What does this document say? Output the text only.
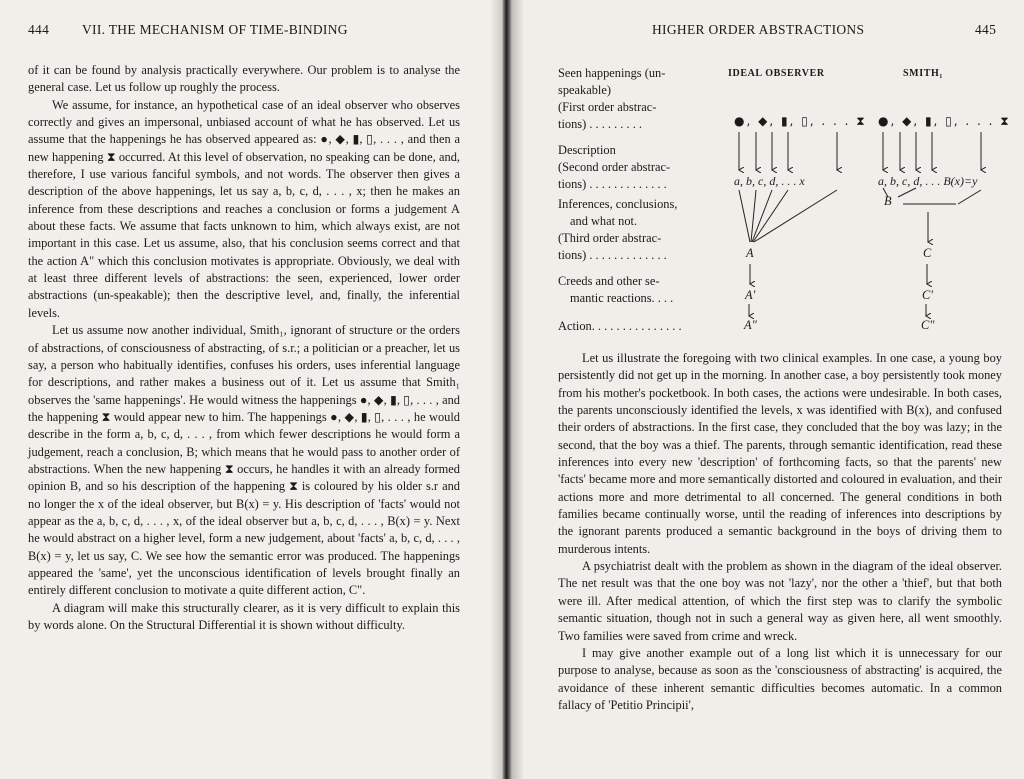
444 VII. THE MECHANISM OF TIME-BINDING

of it can be found by analysis practically everywhere. Our problem is to analyse the general case. Let us follow up roughly the process.

We assume, for instance, an hypothetical case of an ideal observer who observes correctly and gives an impersonal, unbiased account of what he has observed. Let us assume that the happenings he has observed appeared as: ●, ◆, ▮, ▯, . . . , and then a new happening ⧗ occurred. At this level of observation, no speaking can be done, and, therefore, I use various fanciful symbols, and not words. The observer then gives a description of the above happenings, let us say a, b, c, d, . . . , x; then he makes an inference from these descriptions and reaches a conclusion or forms a judgement A about these facts. We assume that facts unknown to him, which always exist, are not important in this case. Let us assume, also, that his conclusion seems correct and that the action A" which this conclusion motivates is appropriate. Obviously, we deal with at least three different levels of abstractions: the seen, experienced, lower order abstractions (un-speakable); then the descriptive level, and, finally, the inferential levels.

Let us assume now another individual, Smith₁, ignorant of structure or the orders of abstractions, of consciousness of abstracting, of s.r.; a politician or a preacher, let us say, a person who habitually identifies, confuses his orders, uses inferential language for descriptions, and rather makes a business out of it. Let us assume that Smith₁ observes the 'same happenings'. He would witness the happenings ●, ◆, ▮, ▯, . . . , and the happening ⧗ would appear new to him. The happenings ●, ◆, ▮, ▯, . . . , he would describe in the form a, b, c, d, . . . , from which fewer descriptions he would form a judgement, reach a conclusion, B; which means that he would pass to another order of abstractions. When the new happening ⧗ occurs, he handles it with an already formed opinion B, and so his description of the happening ⧗ is coloured by his older s.r and no longer the x of the ideal observer, but B(x) = y. His description of 'facts' would not appear as the a, b, c, d, . . . , x, of the ideal observer but a, b, c, d, . . . , B(x) = y. Next he would abstract on a higher level, form a new judgement, about 'facts' a, b, c, d, . . . , B(x) = y, let us say, C. We see how the semantic error was produced. The happenings appeared the 'same', yet the unconscious identification of levels brought finally an entirely different conclusion to motivate a quite different action, C".

A diagram will make this structurally clearer, as it is very difficult to explain this by words alone. On the Structural Differential it is shown without difficulty.

HIGHER ORDER ABSTRACTIONS	445
IDEAL OBSERVER	SMITH₁
Seen happenings (un-
speakable)
(First order abstrac-
tions) . . . . . . . . .
Description
(Second order abstrac-
tions) . . . . . . . . . . . . .
Inferences, conclusions,
and what not.
(Third order abstrac-
tions) . . . . . . . . . . . . .
Creeds and other se-
mantic reactions. . . .
Action. . . . . . . . . . . . . . .
●, ◆, ▮, ▯, . . . ⧗ ●, ◆, ▮, ▯, . . . ⧗
a, b, c, d, . . . x	a, b, c, d, . . . B(x)=y
B
A	C
A'	C'
A"	C"

Let us illustrate the foregoing with two clinical examples. In one case, a young boy persistently did not get up in the morning. In another case, a boy persistently took money from his mother's pocketbook. In both cases, the actions were undesirable. In both cases, the parents unconsciously identified the levels, x was identified with B(x), and confused their orders of abstractions. In the first case, they concluded that the boy was lazy; in the second, that the boy was a thief. The parents, through semantic identification, read these inferences into every new 'description' of forthcoming facts, so that the parents' new 'facts' became more and more semantically distorted and coloured in evaluation, and their actions more and more detrimental to all concerned. The general conditions in both families became continually worse, until the reading of inferences into descriptions by the ignorant parents produced a semantic background in the boys of driving them to murderous intents.

A psychiatrist dealt with the problem as shown in the diagram of the ideal observer. The net result was that the one boy was not 'lazy', nor the other a 'thief', but that both were ill. After medical attention, of which the first step was to clarify the symbolic semantic situation, though not in such a general way as given here, all went smoothly. Two families were saved from crime and wreck.

I may give another example out of a long list which it is unnecessary for our purpose to analyse, because as soon as the 'consciousness of abstracting' is acquired, the avoidance of these inherent semantic difficulties becomes automatic. In a common fallacy of 'Petitio Principii',
